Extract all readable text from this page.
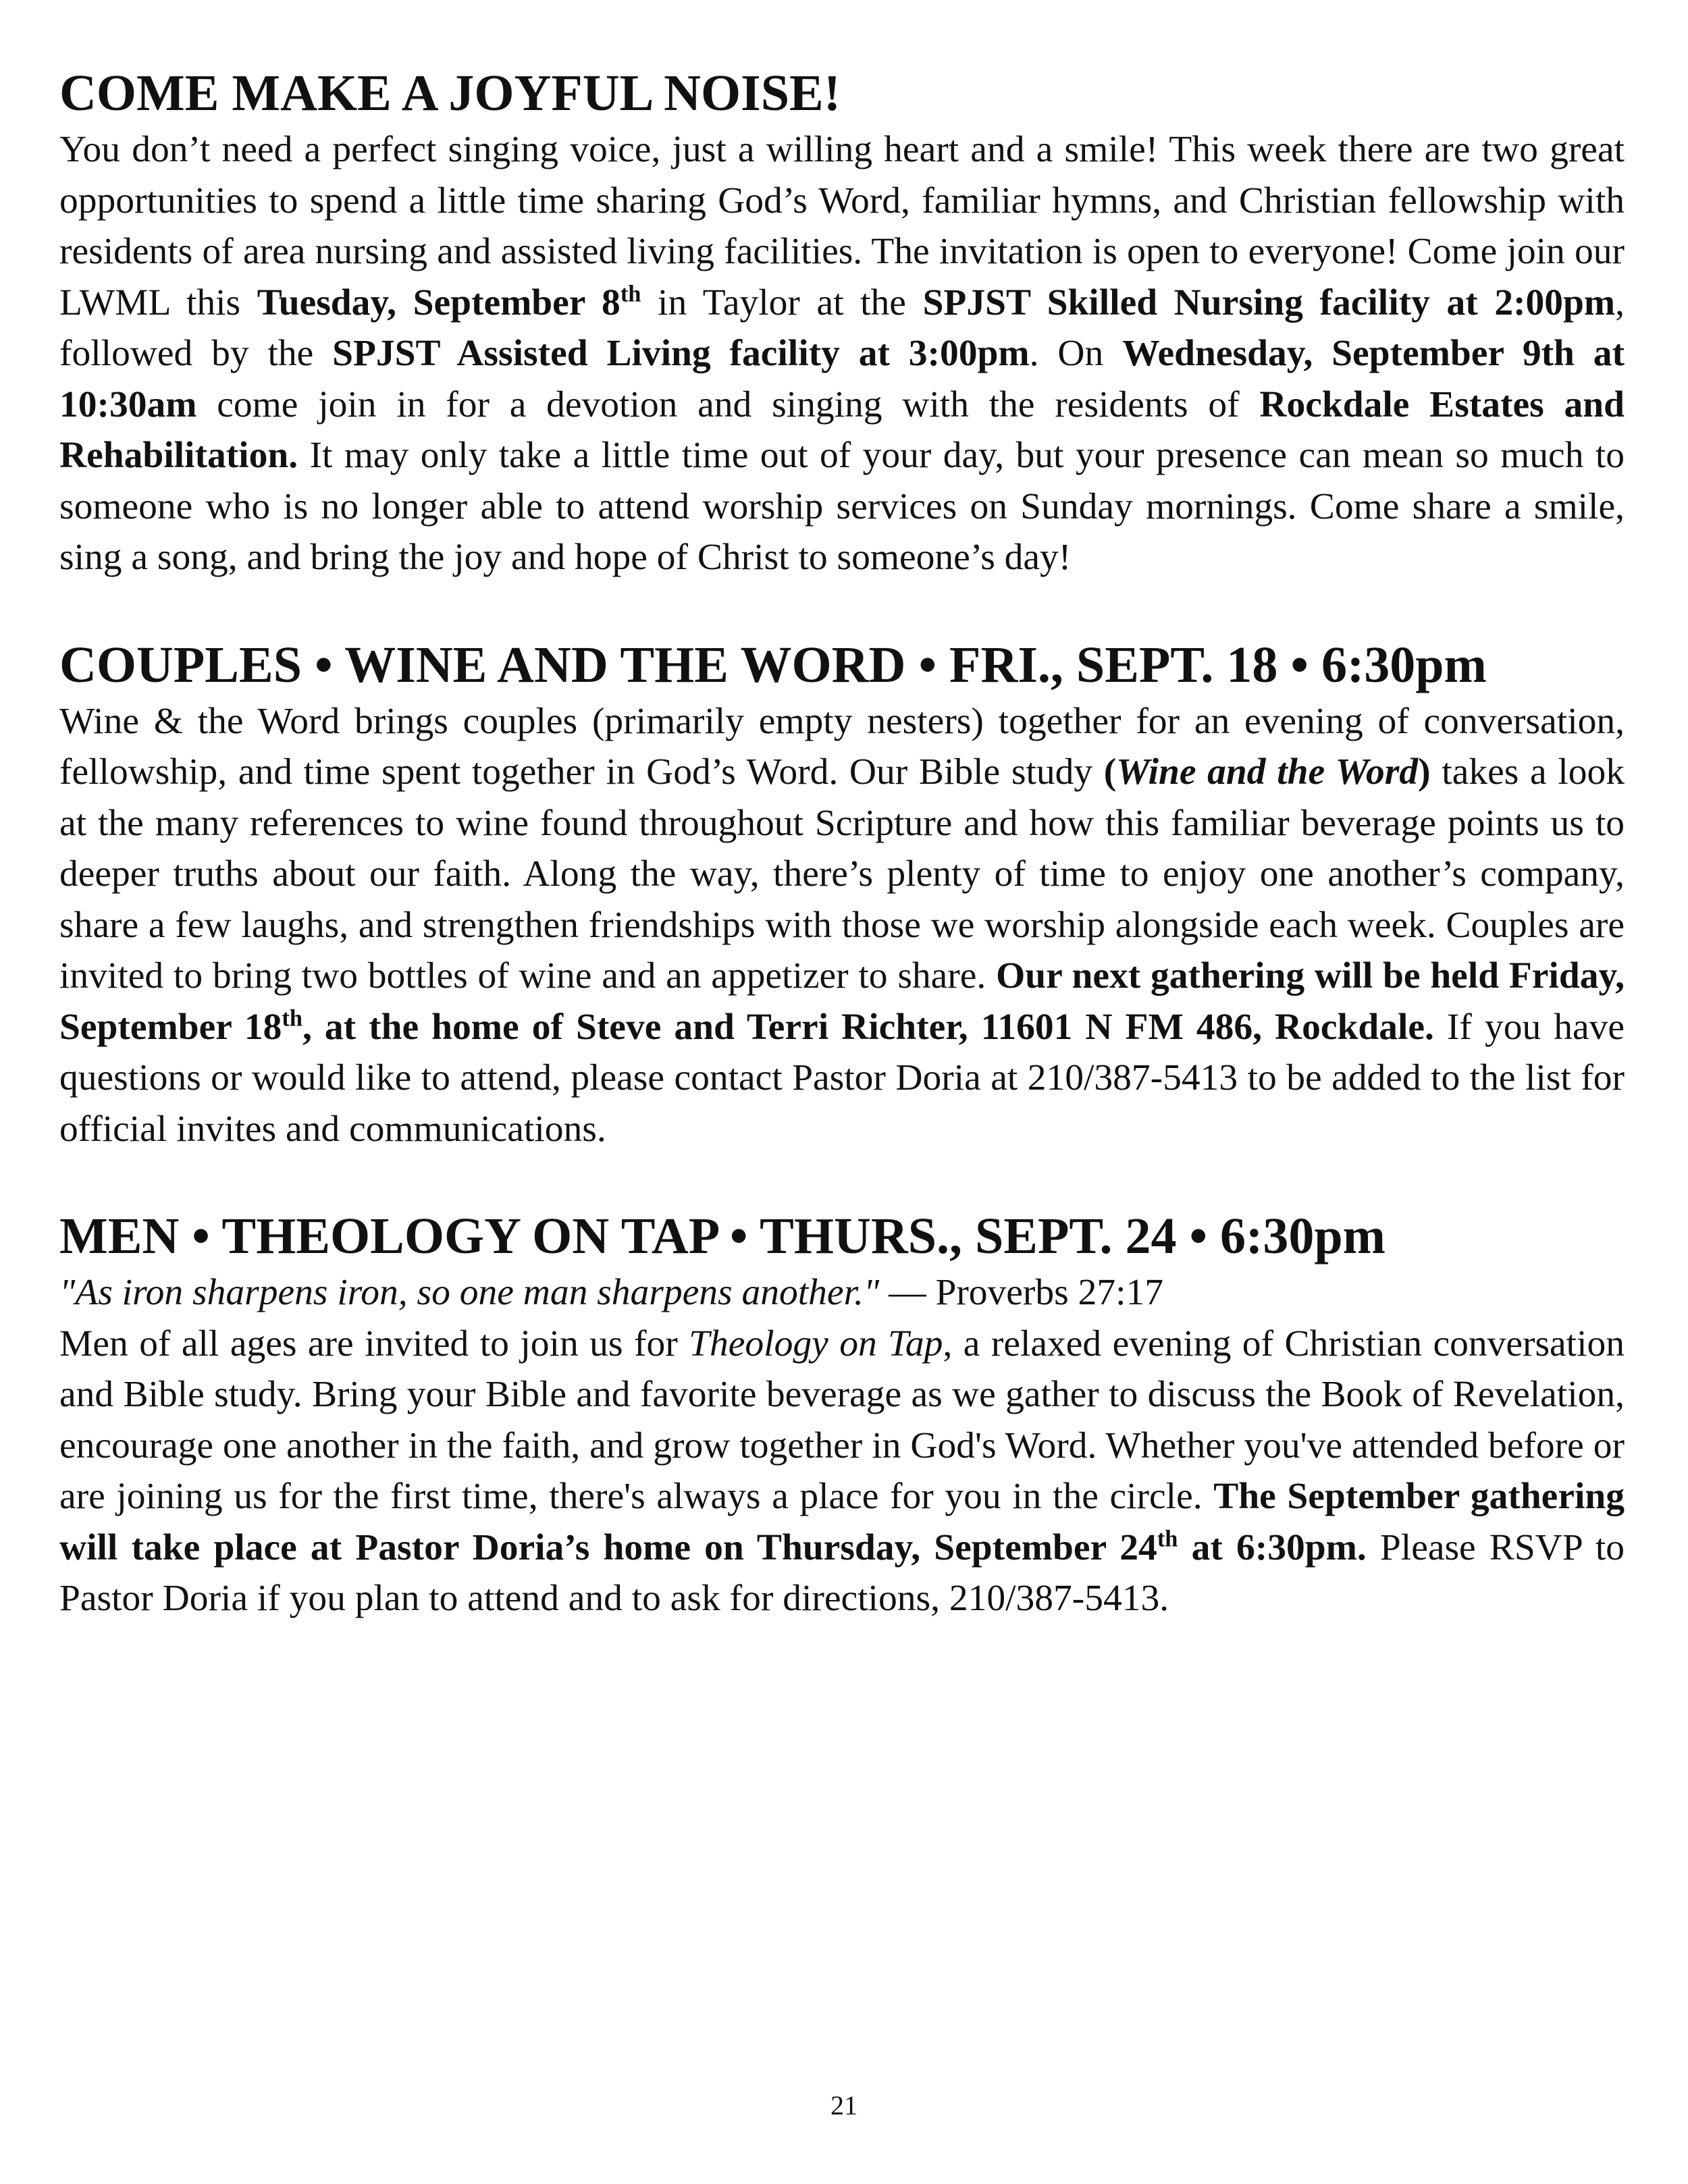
COME MAKE A JOYFUL NOISE!

You don’t need a perfect singing voice, just a willing heart and a smile! This week there are two great opportunities to spend a little time sharing God’s Word, familiar hymns, and Christian fellowship with residents of area nursing and assisted living facilities. The invitation is open to everyone! Come join our LWML this Tuesday, September 8th in Taylor at the SPJST Skilled Nursing facility at 2:00pm, followed by the SPJST Assisted Living facility at 3:00pm. On Wednesday, September 9th at 10:30am come join in for a devotion and singing with the residents of Rockdale Estates and Rehabilitation. It may only take a little time out of your day, but your presence can mean so much to someone who is no longer able to attend worship services on Sunday mornings. Come share a smile, sing a song, and bring the joy and hope of Christ to someone’s day!

COUPLES • WINE AND THE WORD • FRI., SEPT. 18 • 6:30pm

Wine & the Word brings couples (primarily empty nesters) together for an evening of conversation, fellowship, and time spent together in God’s Word. Our Bible study (Wine and the Word) takes a look at the many references to wine found throughout Scripture and how this familiar beverage points us to deeper truths about our faith. Along the way, there’s plenty of time to enjoy one another’s company, share a few laughs, and strengthen friendships with those we worship alongside each week. Couples are invited to bring two bottles of wine and an appetizer to share. Our next gathering will be held Friday, September 18th, at the home of Steve and Terri Richter, 11601 N FM 486, Rockdale. If you have questions or would like to attend, please contact Pastor Doria at 210/387-5413 to be added to the list for official invites and communications.

MEN • THEOLOGY ON TAP • THURS., SEPT. 24 • 6:30pm

"As iron sharpens iron, so one man sharpens another." — Proverbs 27:17

Men of all ages are invited to join us for Theology on Tap, a relaxed evening of Christian conversation and Bible study. Bring your Bible and favorite beverage as we gather to discuss the Book of Revelation, encourage one another in the faith, and grow together in God's Word. Whether you've attended before or are joining us for the first time, there's always a place for you in the circle. The September gathering will take place at Pastor Doria’s home on Thursday, September 24th at 6:30pm. Please RSVP to Pastor Doria if you plan to attend and to ask for directions, 210/387-5413.

21
